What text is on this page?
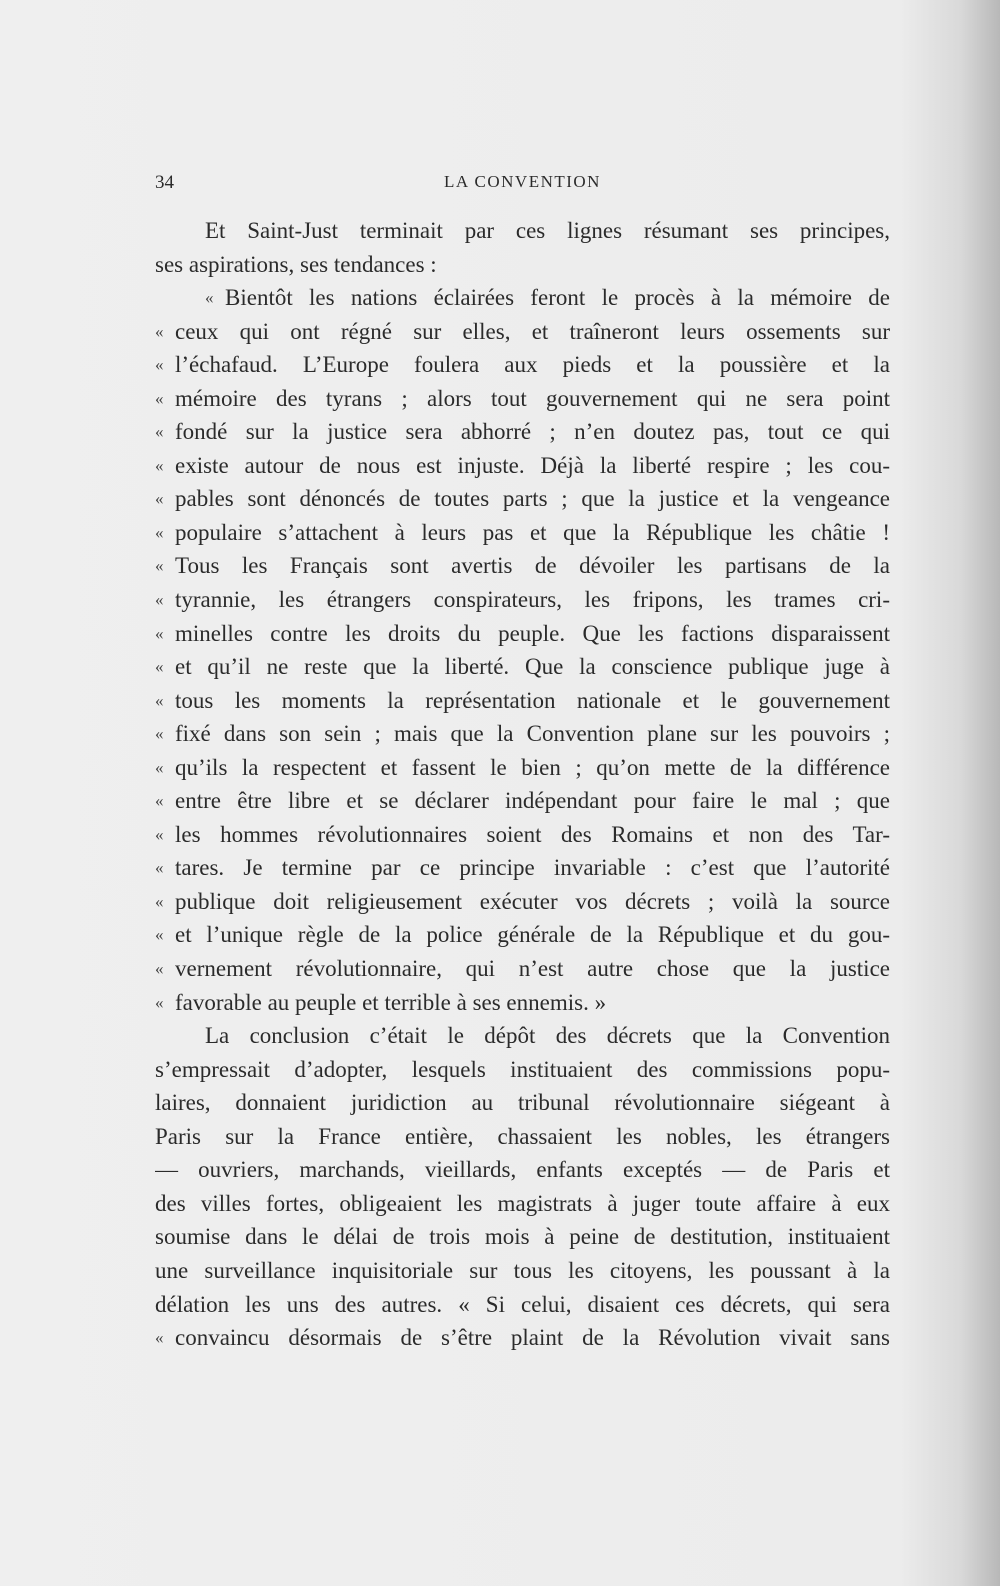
34	LA CONVENTION
Et Saint-Just terminait par ces lignes résumant ses principes,
ses aspirations, ses tendances :
« Bientôt les nations éclairées feront le procès à la mémoire de
« ceux qui ont régné sur elles, et traîneront leurs ossements sur
« l’échafaud. L’Europe foulera aux pieds et la poussière et la
« mémoire des tyrans ; alors tout gouvernement qui ne sera point
« fondé sur la justice sera abhorré ; n’en doutez pas, tout ce qui
« existe autour de nous est injuste. Déjà la liberté respire ; les cou-
« pables sont dénoncés de toutes parts ; que la justice et la vengeance
« populaire s’attachent à leurs pas et que la République les châtie !
« Tous les Français sont avertis de dévoiler les partisans de la
« tyrannie, les étrangers conspirateurs, les fripons, les trames cri-
« minelles contre les droits du peuple. Que les factions disparaissent
« et qu’il ne reste que la liberté. Que la conscience publique juge à
« tous les moments la représentation nationale et le gouvernement
« fixé dans son sein ; mais que la Convention plane sur les pouvoirs ;
« qu’ils la respectent et fassent le bien ; qu’on mette de la différence
« entre être libre et se déclarer indépendant pour faire le mal ; que
« les hommes révolutionnaires soient des Romains et non des Tar-
« tares. Je termine par ce principe invariable : c’est que l’autorité
« publique doit religieusement exécuter vos décrets ; voilà la source
« et l’unique règle de la police générale de la République et du gou-
« vernement révolutionnaire, qui n’est autre chose que la justice
« favorable au peuple et terrible à ses ennemis. »
La conclusion c’était le dépôt des décrets que la Convention
s’empressait d’adopter, lesquels instituaient des commissions popu-
laires, donnaient juridiction au tribunal révolutionnaire siégeant à
Paris sur la France entière, chassaient les nobles, les étrangers
— ouvriers, marchands, vieillards, enfants exceptés — de Paris et
des villes fortes, obligeaient les magistrats à juger toute affaire à eux
soumise dans le délai de trois mois à peine de destitution, instituaient
une surveillance inquisitoriale sur tous les citoyens, les poussant à la
délation les uns des autres. « Si celui, disaient ces décrets, qui sera
« convaincu désormais de s’être plaint de la Révolution vivait sans
